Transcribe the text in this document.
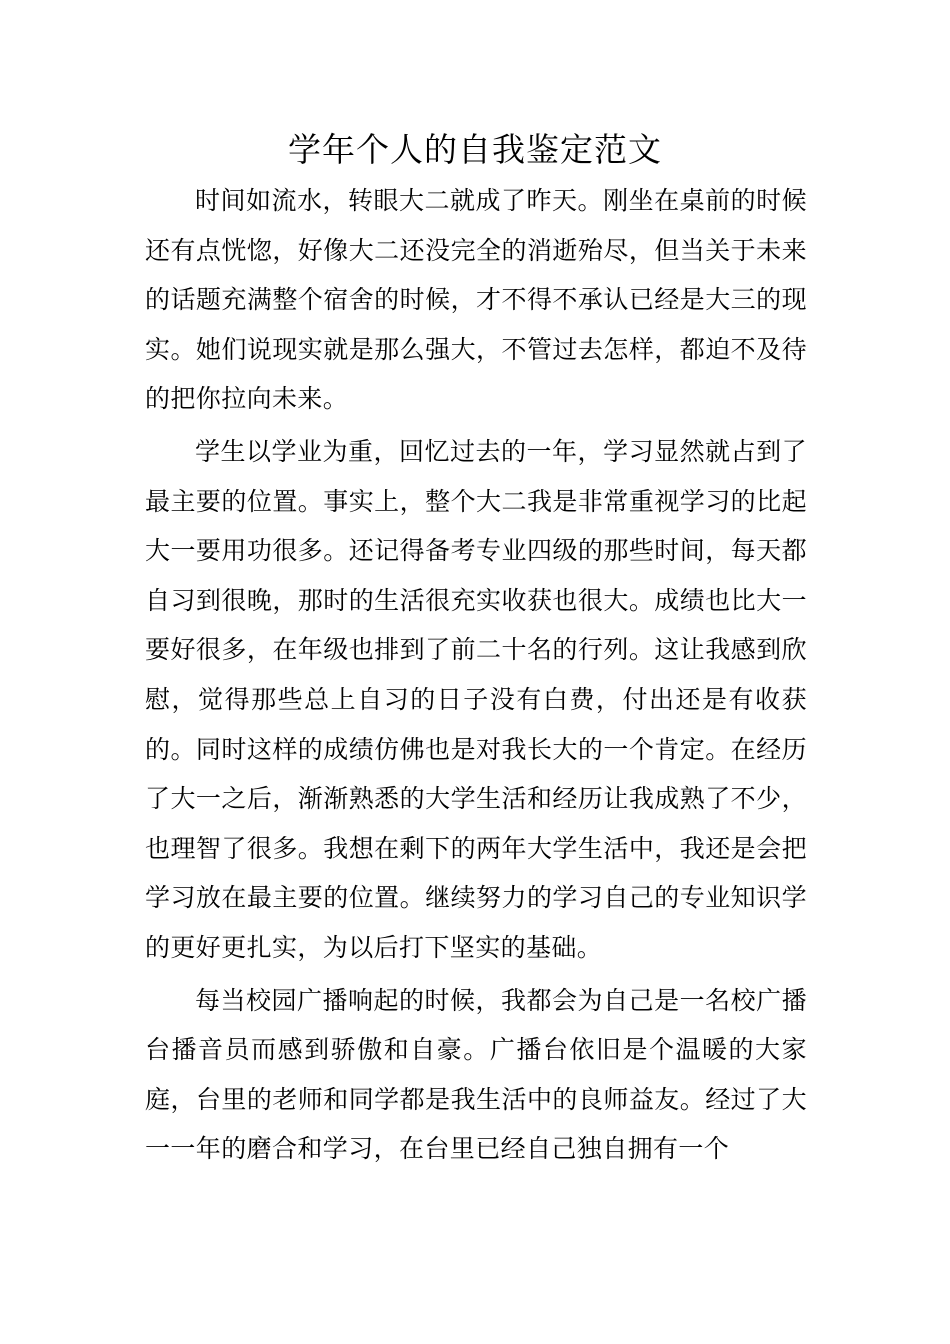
学年个人的自我鉴定范文

时间如流水，转眼大二就成了昨天。刚坐在桌前的时候还有点恍惚，好像大二还没完全的消逝殆尽，但当关于未来的话题充满整个宿舍的时候，才不得不承认已经是大三的现实。她们说现实就是那么强大，不管过去怎样，都迫不及待的把你拉向未来。

学生以学业为重，回忆过去的一年，学习显然就占到了最主要的位置。事实上，整个大二我是非常重视学习的比起大一要用功很多。还记得备考专业四级的那些时间，每天都自习到很晚，那时的生活很充实收获也很大。成绩也比大一要好很多，在年级也排到了前二十名的行列。这让我感到欣慰，觉得那些总上自习的日子没有白费，付出还是有收获的。同时这样的成绩仿佛也是对我长大的一个肯定。在经历了大一之后，渐渐熟悉的大学生活和经历让我成熟了不少，也理智了很多。我想在剩下的两年大学生活中，我还是会把学习放在最主要的位置。继续努力的学习自己的专业知识学的更好更扎实，为以后打下坚实的基础。

每当校园广播响起的时候，我都会为自己是一名校广播台播音员而感到骄傲和自豪。广播台依旧是个温暖的大家庭，台里的老师和同学都是我生活中的良师益友。经过了大一一年的磨合和学习，在台里已经自己独自拥有一个
